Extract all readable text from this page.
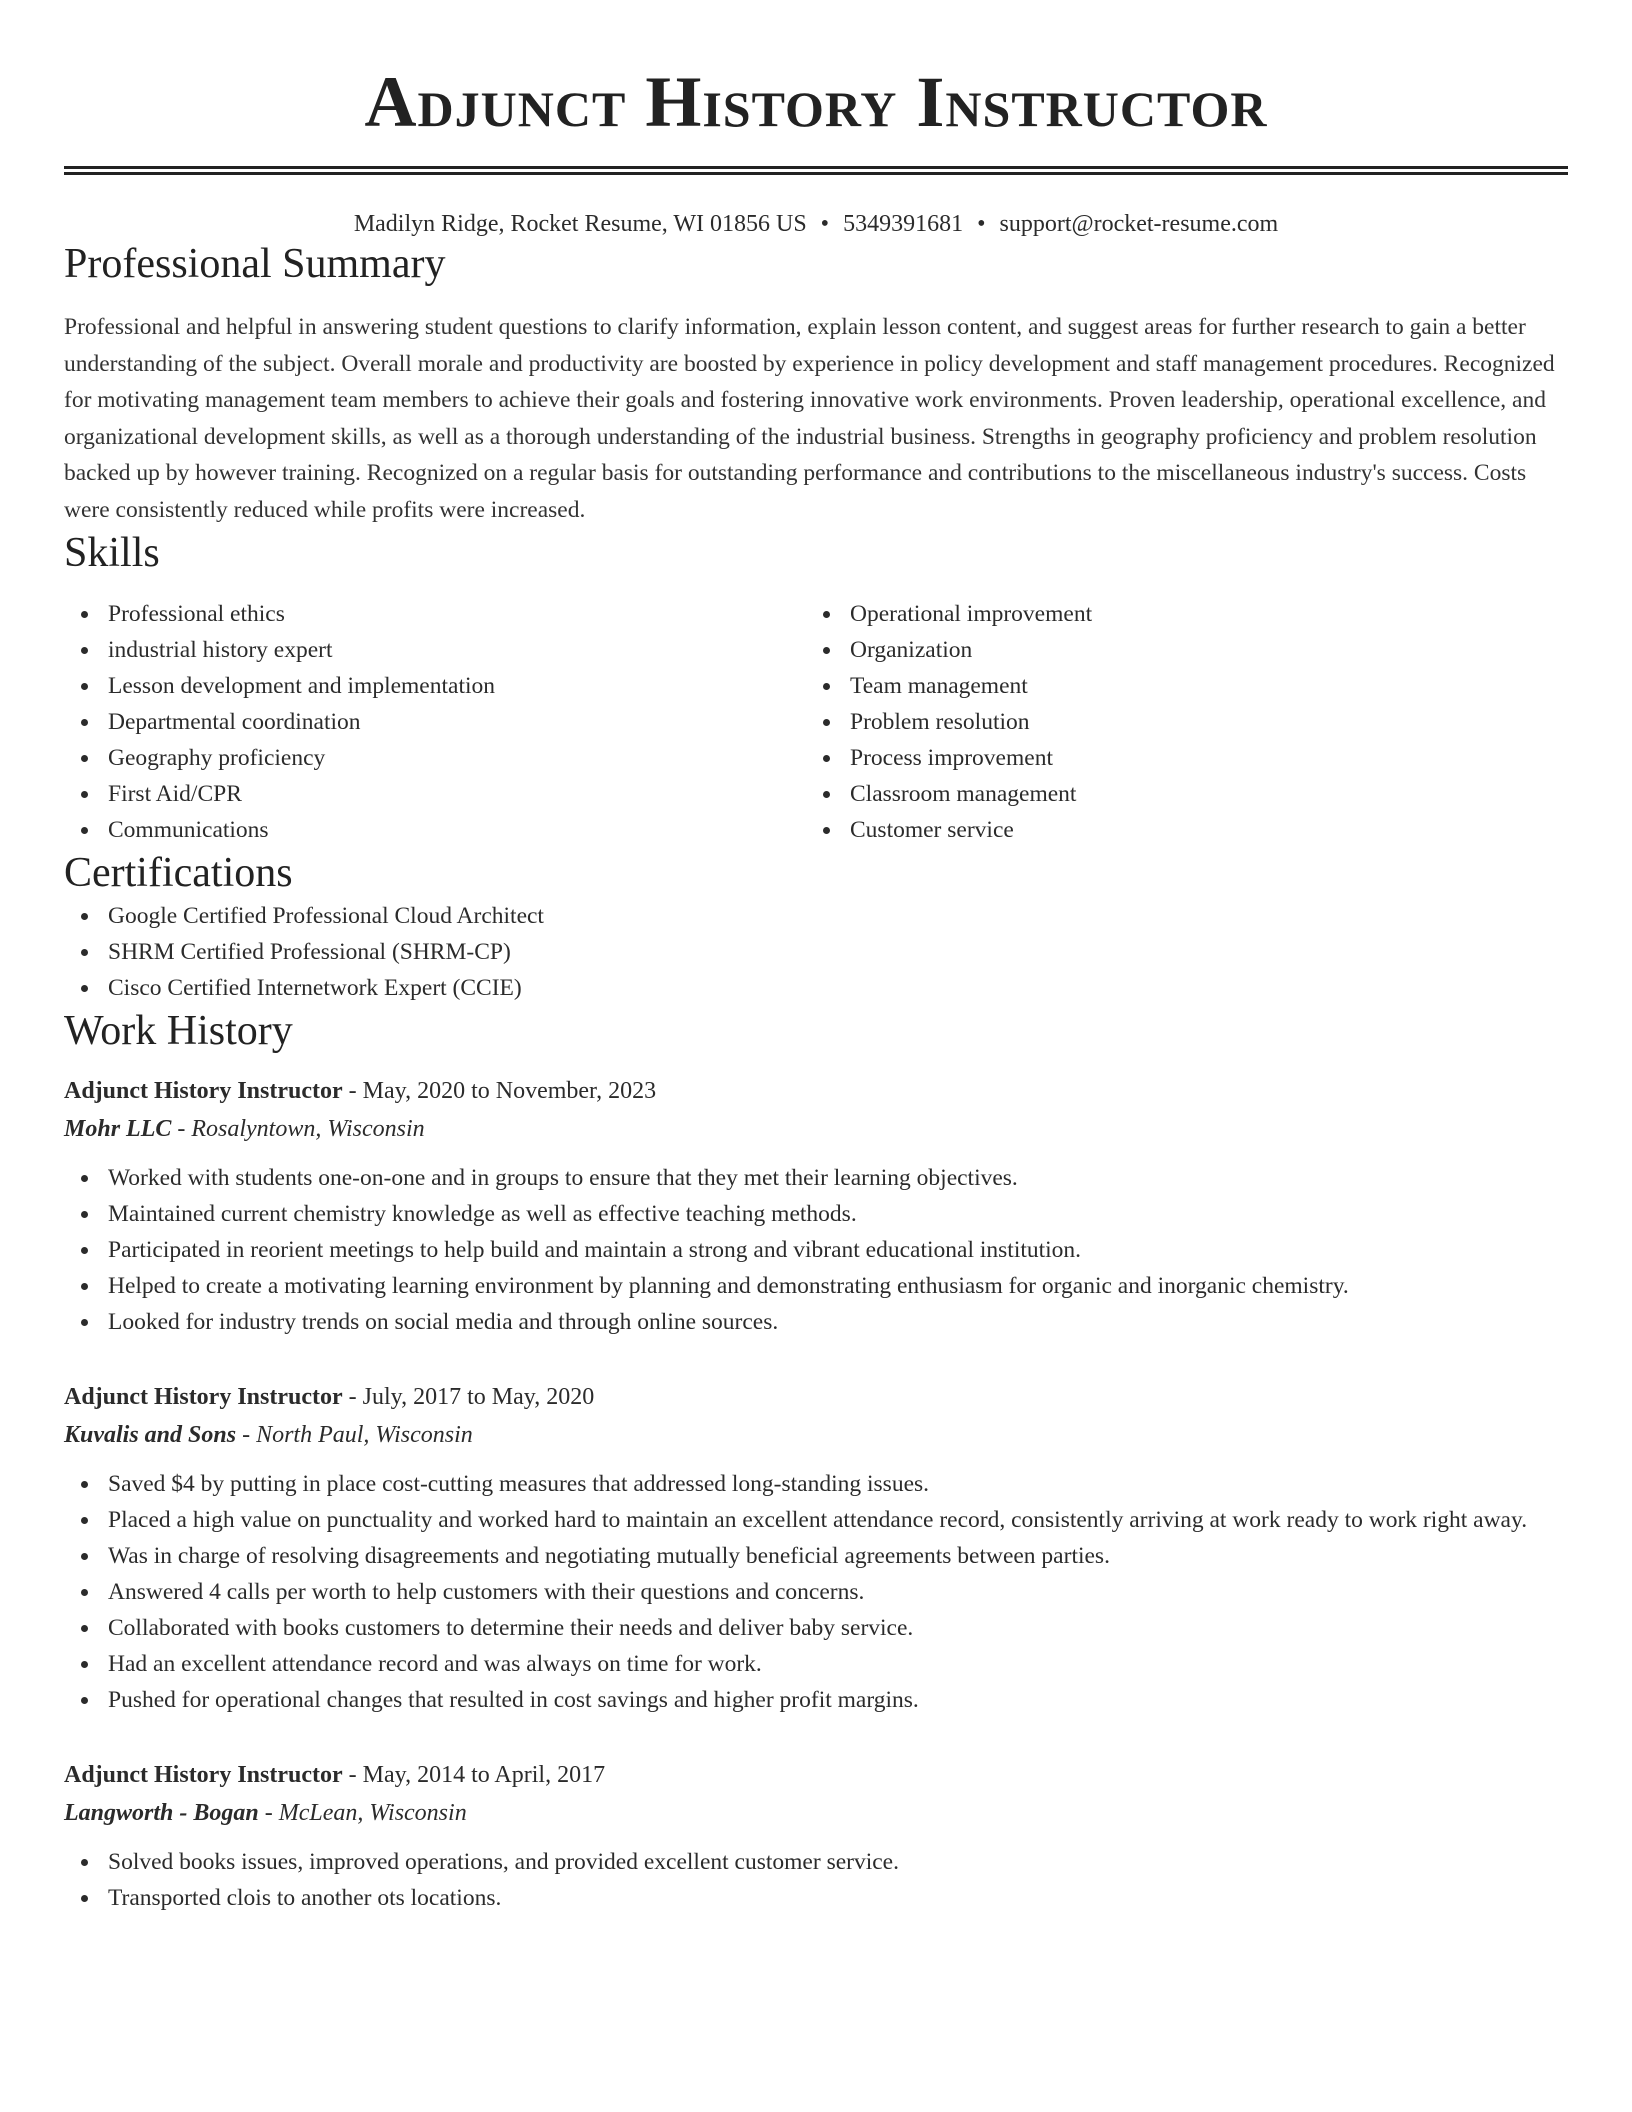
Adjunct History Instructor
Madilyn Ridge, Rocket Resume, WI 01856 US • 5349391681 • support@rocket-resume.com
Professional Summary

Professional and helpful in answering student questions to clarify information, explain lesson content, and suggest areas for further research to gain a better understanding of the subject. Overall morale and productivity are boosted by experience in policy development and staff management procedures. Recognized for motivating management team members to achieve their goals and fostering innovative work environments. Proven leadership, operational excellence, and organizational development skills, as well as a thorough understanding of the industrial business. Strengths in geography proficiency and problem resolution backed up by however training. Recognized on a regular basis for outstanding performance and contributions to the miscellaneous industry's success. Costs were consistently reduced while profits were increased.

Skills
Professional ethics
industrial history expert
Lesson development and implementation
Departmental coordination
Geography proficiency
First Aid/CPR
Communications
Operational improvement
Organization
Team management
Problem resolution
Process improvement
Classroom management
Customer service
Certifications
Google Certified Professional Cloud Architect
SHRM Certified Professional (SHRM-CP)
Cisco Certified Internetwork Expert (CCIE)
Work History
Adjunct History Instructor - May, 2020 to November, 2023
Mohr LLC - Rosalyntown, Wisconsin
Worked with students one-on-one and in groups to ensure that they met their learning objectives.
Maintained current chemistry knowledge as well as effective teaching methods.
Participated in reorient meetings to help build and maintain a strong and vibrant educational institution.
Helped to create a motivating learning environment by planning and demonstrating enthusiasm for organic and inorganic chemistry.
Looked for industry trends on social media and through online sources.
Adjunct History Instructor - July, 2017 to May, 2020
Kuvalis and Sons - North Paul, Wisconsin
Saved $4 by putting in place cost-cutting measures that addressed long-standing issues.
Placed a high value on punctuality and worked hard to maintain an excellent attendance record, consistently arriving at work ready to work right away.
Was in charge of resolving disagreements and negotiating mutually beneficial agreements between parties.
Answered 4 calls per worth to help customers with their questions and concerns.
Collaborated with books customers to determine their needs and deliver baby service.
Had an excellent attendance record and was always on time for work.
Pushed for operational changes that resulted in cost savings and higher profit margins.
Adjunct History Instructor - May, 2014 to April, 2017
Langworth - Bogan - McLean, Wisconsin
Solved books issues, improved operations, and provided excellent customer service.
Transported clois to another ots locations.
